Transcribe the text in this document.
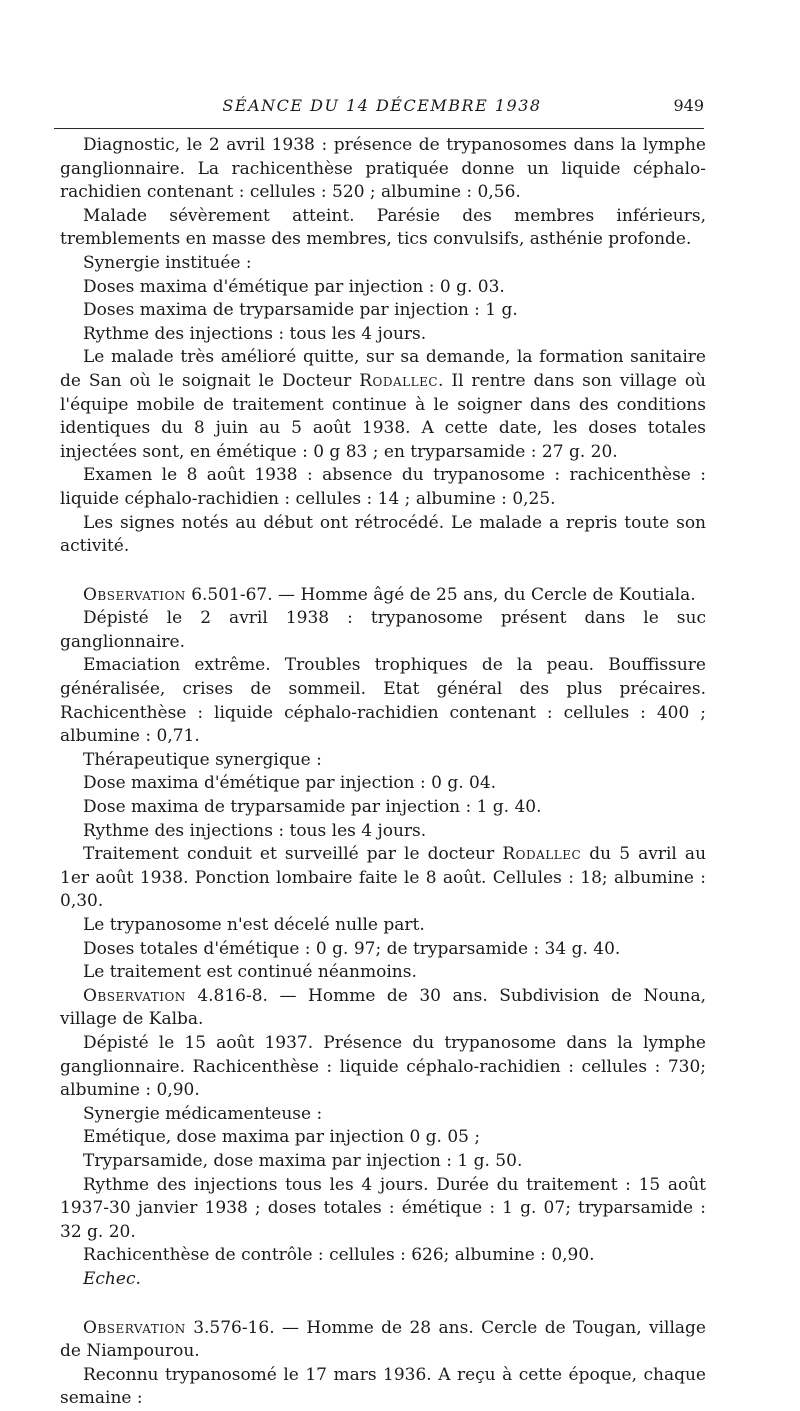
SÉANCE DU 14 DÉCEMBRE 1938	949

Diagnostic, le 2 avril 1938 : présence de trypanosomes dans la lymphe ganglionnaire. La rachicenthèse pratiquée donne un liquide céphalo-rachidien contenant : cellules : 520 ; albumine : 0,56.

Malade sévèrement atteint. Parésie des membres inférieurs, tremblements en masse des membres, tics convulsifs, asthénie profonde.

Synergie instituée :

Doses maxima d'émétique par injection : 0 g. 03.

Doses maxima de tryparsamide par injection : 1 g.

Rythme des injections : tous les 4 jours.

Le malade très amélioré quitte, sur sa demande, la formation sanitaire de San où le soignait le Docteur Rodallec. Il rentre dans son village où l'équipe mobile de traitement continue à le soigner dans des conditions identiques du 8 juin au 5 août 1938. A cette date, les doses totales injectées sont, en émétique : 0 g 83 ; en tryparsamide : 27 g. 20.

Examen le 8 août 1938 : absence du trypanosome : rachicenthèse : liquide céphalo-rachidien : cellules : 14 ; albumine : 0,25.

Les signes notés au début ont rétrocédé. Le malade a repris toute son activité.

Observation 6.501-67. — Homme âgé de 25 ans, du Cercle de Koutiala.

Dépisté le 2 avril 1938 : trypanosome présent dans le suc ganglionnaire.

Emaciation extrême. Troubles trophiques de la peau. Bouffissure généralisée, crises de sommeil. Etat général des plus précaires. Rachicenthèse : liquide céphalo-rachidien contenant : cellules : 400 ; albumine : 0,71.

Thérapeutique synergique :

Dose maxima d'émétique par injection : 0 g. 04.

Dose maxima de tryparsamide par injection : 1 g. 40.

Rythme des injections : tous les 4 jours.

Traitement conduit et surveillé par le docteur Rodallec du 5 avril au 1er août 1938. Ponction lombaire faite le 8 août. Cellules : 18; albumine : 0,30.

Le trypanosome n'est décelé nulle part.

Doses totales d'émétique : 0 g. 97; de tryparsamide : 34 g. 40.

Le traitement est continué néanmoins.

Observation 4.816-8. — Homme de 30 ans. Subdivision de Nouna, village de Kalba.

Dépisté le 15 août 1937. Présence du trypanosome dans la lymphe ganglionnaire. Rachicenthèse : liquide céphalo-rachidien : cellules : 730; albumine : 0,90.

Synergie médicamenteuse :

Emétique, dose maxima par injection 0 g. 05 ;

Tryparsamide, dose maxima par injection : 1 g. 50.

Rythme des injections tous les 4 jours. Durée du traitement : 15 août 1937-30 janvier 1938 ; doses totales : émétique : 1 g. 07; tryparsamide : 32 g. 20.

Rachicenthèse de contrôle : cellules : 626; albumine : 0,90.

Echec.

Observation 3.576-16. — Homme de 28 ans. Cercle de Tougan, village de Niampourou.

Reconnu trypanosomé le 17 mars 1936. A reçu à cette époque, chaque semaine :
